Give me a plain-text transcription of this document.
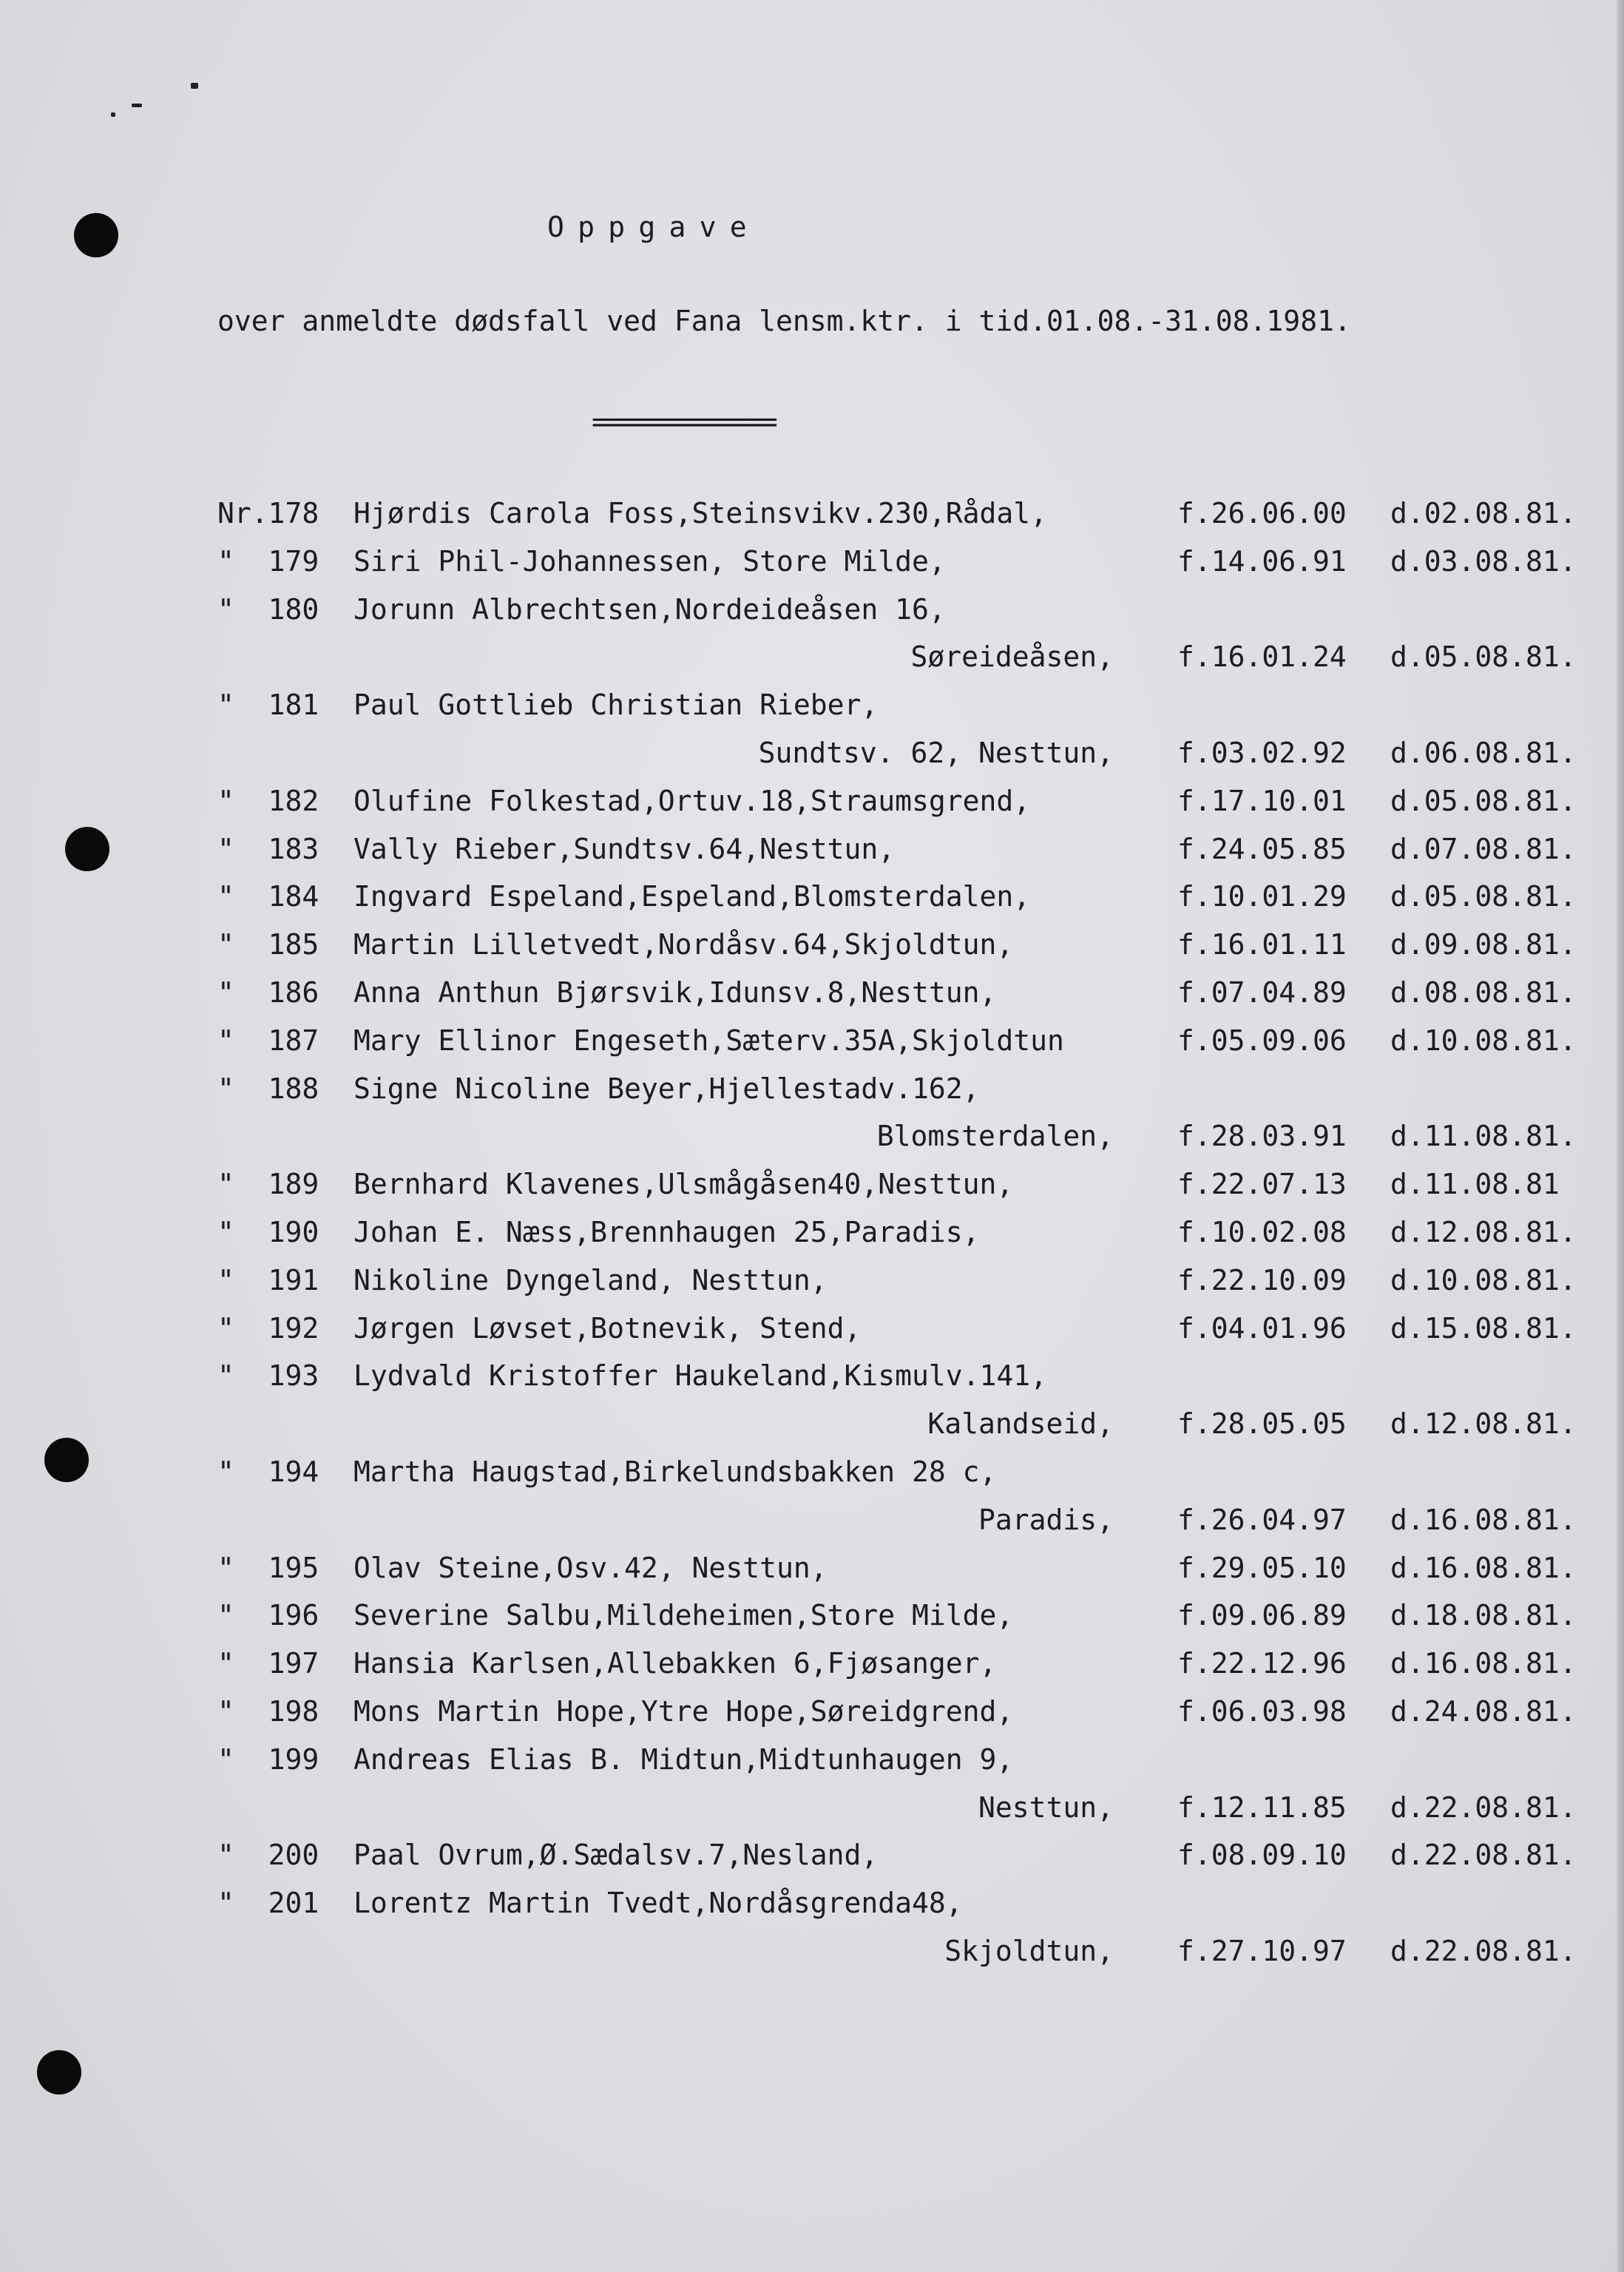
Oppgave
over anmeldte dødsfall ved Fana lensm.ktr. i tid.01.08.-31.08.1981.
=============
Nr.178 Hjørdis Carola Foss,Steinsvikv.230,Rådal,	f.26.06.00 d.02.08.81.
"  179 Siri Phil-Johannessen, Store Milde,	f.14.06.91 d.03.08.81.
"  180 Jorunn Albrechtsen,Nordeideåsen 16,
Søreideåsen, f.16.01.24 d.05.08.81.
"  181 Paul Gottlieb Christian Rieber,
Sundtsv. 62, Nesttun, f.03.02.92 d.06.08.81.
"  182 Olufine Folkestad,Ortuv.18,Straumsgrend,	f.17.10.01 d.05.08.81.
"  183 Vally Rieber,Sundtsv.64,Nesttun,	f.24.05.85 d.07.08.81.
"  184 Ingvard Espeland,Espeland,Blomsterdalen,	f.10.01.29 d.05.08.81.
"  185 Martin Lilletvedt,Nordåsv.64,Skjoldtun,	f.16.01.11 d.09.08.81.
"  186 Anna Anthun Bjørsvik,Idunsv.8,Nesttun,	f.07.04.89 d.08.08.81.
"  187 Mary Ellinor Engeseth,Sæterv.35A,Skjoldtun	f.05.09.06 d.10.08.81.
"  188 Signe Nicoline Beyer,Hjellestadv.162,
Blomsterdalen, f.28.03.91 d.11.08.81.
"  189 Bernhard Klavenes,Ulsmågåsen40,Nesttun,	f.22.07.13 d.11.08.81
"  190 Johan E. Næss,Brennhaugen 25,Paradis,	f.10.02.08 d.12.08.81.
"  191 Nikoline Dyngeland, Nesttun,	f.22.10.09 d.10.08.81.
"  192 Jørgen Løvset,Botnevik, Stend,	f.04.01.96 d.15.08.81.
"  193 Lydvald Kristoffer Haukeland,Kismulv.141,
Kalandseid, f.28.05.05 d.12.08.81.
"  194 Martha Haugstad,Birkelundsbakken 28 c,
Paradis, f.26.04.97 d.16.08.81.
"  195 Olav Steine,Osv.42, Nesttun,	f.29.05.10 d.16.08.81.
"  196 Severine Salbu,Mildeheimen,Store Milde,	f.09.06.89 d.18.08.81.
"  197 Hansia Karlsen,Allebakken 6,Fjøsanger,	f.22.12.96 d.16.08.81.
"  198 Mons Martin Hope,Ytre Hope,Søreidgrend,	f.06.03.98 d.24.08.81.
"  199 Andreas Elias B. Midtun,Midtunhaugen 9,
Nesttun, f.12.11.85 d.22.08.81.
"  200 Paal Ovrum,Ø.Sædalsv.7,Nesland,	f.08.09.10 d.22.08.81.
"  201 Lorentz Martin Tvedt,Nordåsgrenda48,
Skjoldtun, f.27.10.97 d.22.08.81.
